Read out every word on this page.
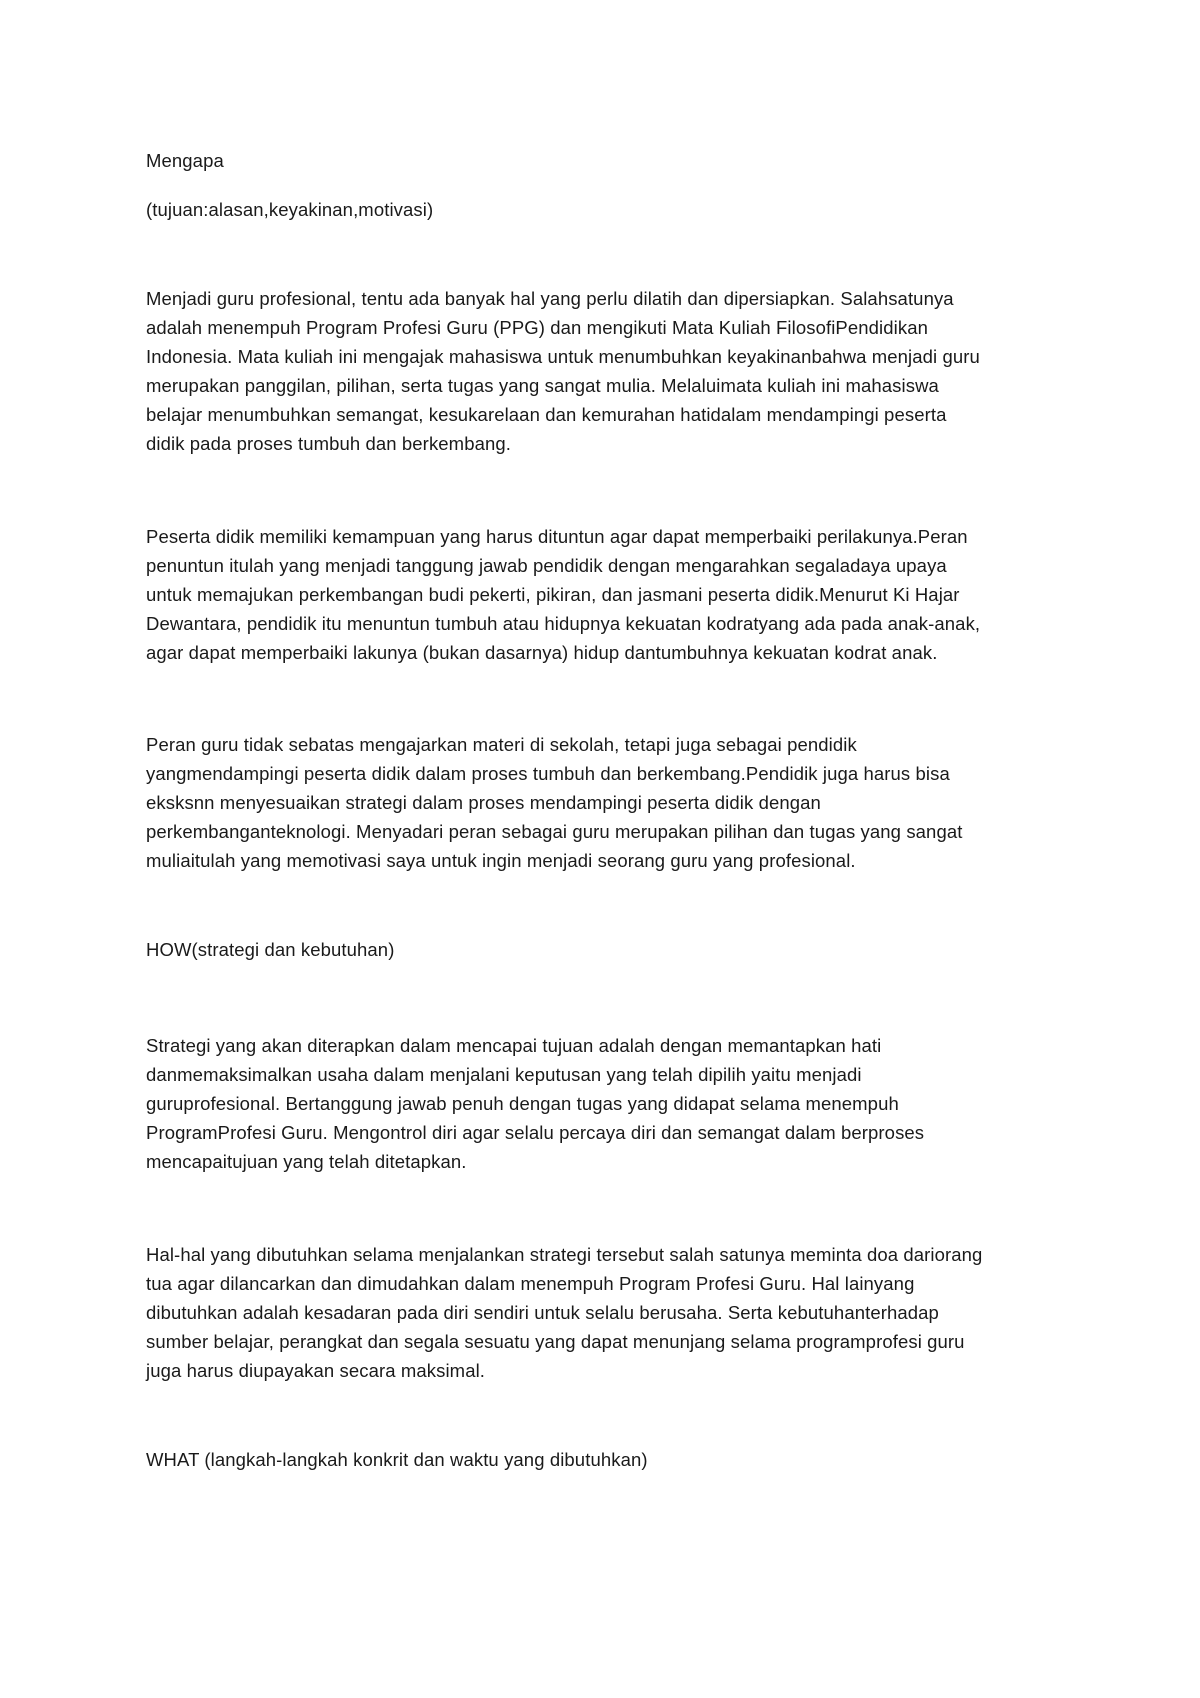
Mengapa

(tujuan:alasan,keyakinan,motivasi)

Menjadi guru profesional, tentu ada banyak hal yang perlu dilatih dan dipersiapkan. Salahsatunya

adalah menempuh Program Profesi Guru (PPG) dan mengikuti Mata Kuliah FilosofiPendidikan

Indonesia. Mata kuliah ini mengajak mahasiswa untuk menumbuhkan keyakinanbahwa menjadi guru

merupakan panggilan, pilihan, serta tugas yang sangat mulia. Melaluimata kuliah ini mahasiswa

belajar menumbuhkan semangat, kesukarelaan dan kemurahan hatidalam mendampingi peserta

didik pada proses tumbuh dan berkembang.

Peserta didik memiliki kemampuan yang harus dituntun agar dapat memperbaiki perilakunya.Peran

penuntun itulah yang menjadi tanggung jawab pendidik dengan mengarahkan segaladaya upaya

untuk memajukan perkembangan budi pekerti, pikiran, dan jasmani peserta didik.Menurut Ki Hajar

Dewantara, pendidik itu menuntun tumbuh atau hidupnya kekuatan kodratyang ada pada anak-anak,

agar dapat memperbaiki lakunya (bukan dasarnya) hidup dantumbuhnya kekuatan kodrat anak.

Peran guru tidak sebatas mengajarkan materi di sekolah, tetapi juga sebagai pendidik

yangmendampingi peserta didik dalam proses tumbuh dan berkembang.Pendidik juga harus bisa

eksksnn menyesuaikan strategi dalam proses mendampingi peserta didik dengan

perkembanganteknologi. Menyadari peran sebagai guru merupakan pilihan dan tugas yang sangat

muliaitulah yang memotivasi saya untuk ingin menjadi seorang guru yang profesional.

HOW(strategi dan kebutuhan)

Strategi yang akan diterapkan dalam mencapai tujuan adalah dengan memantapkan hati

danmemaksimalkan usaha dalam menjalani keputusan yang telah dipilih yaitu menjadi

guruprofesional. Bertanggung jawab penuh dengan tugas yang didapat selama menempuh

ProgramProfesi Guru. Mengontrol diri agar selalu percaya diri dan semangat dalam berproses

mencapaitujuan yang telah ditetapkan.

Hal-hal yang dibutuhkan selama menjalankan strategi tersebut salah satunya meminta doa dariorang

tua agar dilancarkan dan dimudahkan dalam menempuh Program Profesi Guru. Hal lainyang

dibutuhkan adalah kesadaran pada diri sendiri untuk selalu berusaha. Serta kebutuhanterhadap

sumber belajar, perangkat dan segala sesuatu yang dapat menunjang selama programprofesi guru

juga harus diupayakan secara maksimal.

WHAT (langkah-langkah konkrit dan waktu yang dibutuhkan)
